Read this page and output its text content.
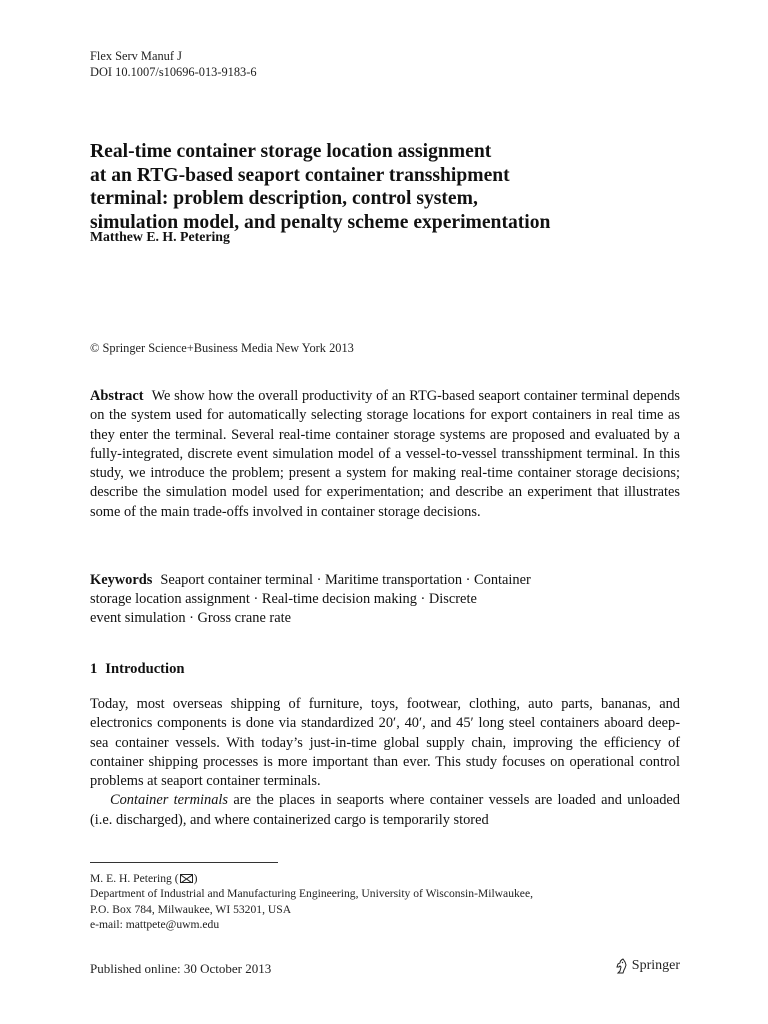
Flex Serv Manuf J
DOI 10.1007/s10696-013-9183-6
Real-time container storage location assignment
at an RTG-based seaport container transshipment
terminal: problem description, control system,
simulation model, and penalty scheme experimentation
Matthew E. H. Petering
© Springer Science+Business Media New York 2013

Abstract We show how the overall productivity of an RTG-based seaport container terminal depends on the system used for automatically selecting storage locations for export containers in real time as they enter the terminal. Several real-time container storage systems are proposed and evaluated by a fully-integrated, discrete event simulation model of a vessel-to-vessel transshipment terminal. In this study, we introduce the problem; present a system for making real-time container storage decisions; describe the simulation model used for experimentation; and describe an experiment that illustrates some of the main trade-offs involved in container storage decisions.

Keywords Seaport container terminal · Maritime transportation · Container
storage location assignment · Real-time decision making · Discrete
event simulation · Gross crane rate

1 Introduction

Today, most overseas shipping of furniture, toys, footwear, clothing, auto parts, bananas, and electronics components is done via standardized 20′, 40′, and 45′ long steel containers aboard deep-sea container vessels. With today’s just-in-time global supply chain, improving the efficiency of container shipping processes is more important than ever. This study focuses on operational control problems at seaport container terminals.

Container terminals are the places in seaports where container vessels are loaded and unloaded (i.e. discharged), and where containerized cargo is temporarily stored

M. E. H. Petering ( )
Department of Industrial and Manufacturing Engineering, University of Wisconsin-Milwaukee,
P.O. Box 784, Milwaukee, WI 53201, USA
e-mail: mattpete@uwm.edu
Published online: 30 October 2013	Springer
